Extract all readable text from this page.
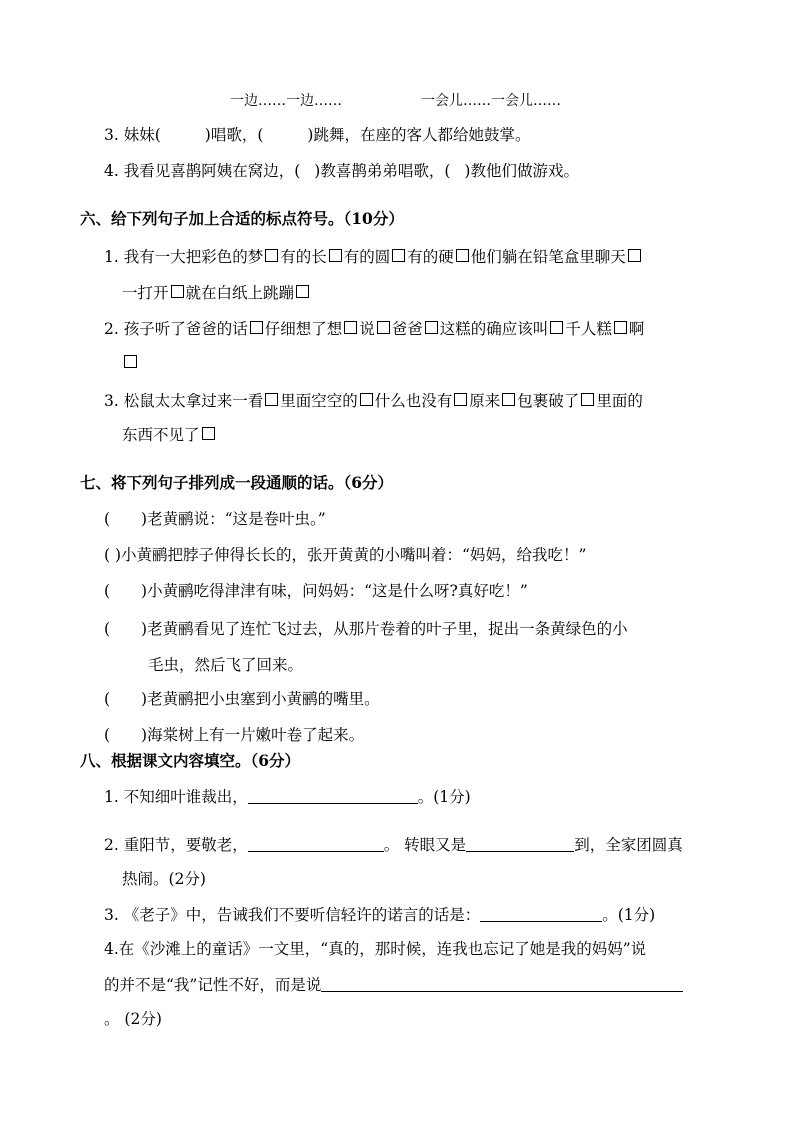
一边……一边……	一会儿……一会儿……
3. 妹妹(	)唱歌，(	)跳舞，在座的客人都给她鼓掌。
4. 我看见喜鹊阿姨在窝边，( )教喜鹊弟弟唱歌，( )教他们做游戏。
六、给下列句子加上合适的标点符号。（10分）
1. 我有一大把彩色的梦 有的长 有的圆 有的硬 他们躺在铅笔盒里聊天
一打开 就在白纸上跳蹦
2. 孩子听了爸爸的话 仔细想了想 说 爸爸 这糕的确应该叫 千人糕 啊
3. 松鼠太太拿过来一看 里面空空的 什么也没有 原来 包裹破了 里面的
东西不见了
七、将下列句子排列成一段通顺的话。（6分）
(　　)老黄鹂说：“这是卷叶虫。”
( )小黄鹂把脖子伸得长长的，张开黄黄的小嘴叫着：“妈妈，给我吃！”
(　　)小黄鹂吃得津津有味，问妈妈：“这是什么呀?真好吃！”
(　　)老黄鹂看见了连忙飞过去，从那片卷着的叶子里，捉出一条黄绿色的小
毛虫，然后飞了回来。
(　　)老黄鹂把小虫塞到小黄鹂的嘴里。
(　　)海棠树上有一片嫩叶卷了起来。
八、根据课文内容填空。（6分）
1. 不知细叶谁裁出，	。(1分)
2. 重阳节，要敬老，	。 转眼又是	到，全家团圆真
热闹。(2分)
3. 《老子》中，告诫我们不要听信轻许的诺言的话是：	。(1分)
4.在《沙滩上的童话》一文里，“真的，那时候，连我也忘记了她是我的妈妈”说
的并不是“我”记性不好，而是说
。 (2分)
